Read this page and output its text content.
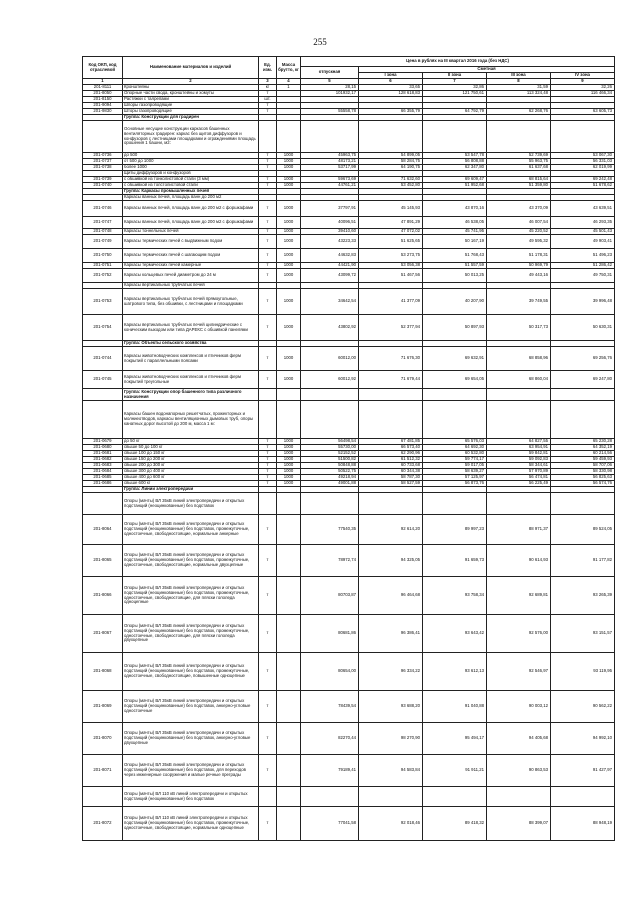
255
Код ОКП, код отраслевой	Наименование материалов и изделий	Ед. изм.	Масса брутто, кг	Цена в рублях на III квартал 2016 года (без НДС)				
				отпускная	Сметная			
					I зона	II зона	III зона	IV зона
1	2	3	4	5	6	7	8	9
201-8111	Кронштейны	кг	1	28,15	33,65	32,86	31,59	32,26
201-8050	Опорные части свода, кронштейны и хомуты	т		101932,17	128 618,83	121 750,61	113 324,48	116 466,34
201-8150	Растяжки с талрепами	шт.						
201-9094	Шпоры газопроводящие	т						
201-9830	Шторы газопроводящие	т		55558,78	66 355,79	64 792,79	62 268,76	63 605,73
	Группа: Конструкции для градирен							
	Основные несущие конструкции каркасов башенных вентиляторных градирен: каркас без щитов диффузоров и конфузоров с лестницами площадками и ограждениями площадь орошения 1 башни, м2:							
201-0736	до 500	т	1000	45963,75	54 899,05	53 547,78	52 739,69	53 067,30
201-0737	от 500 до 1000	т	1000	48173,21	58 284,75	56 808,88	55 963,75	56 331,03
201-0738	более 1000	т	1000	53717,99	64 190,75	62 347,80	61 637,68	62 019,99
	Щиты диффузоров и конфузоров							
201-0739	с обшивкой из тонколистовой стали (3 мм)	т	1000	59673,69	71 632,60	69 609,47	68 815,64	69 242,48
201-0740	с обшивкой из толстолистовой стали	т	1000	44761,21	53 452,80	51 952,68	51 359,80	51 678,62
	Группа: Каркасы промышленных печей							
	Каркасы ванных печей, площадь ванн до 200 м2							
201-0746	Каркасы ванных печей, площадь ванн до 200 м2 с форшкафами	т	1000	37797,91	45 145,93	43 870,16	43 370,09	43 639,51
201-0747	Каркасы ванных печей, площадь ванн до 200 м2 с форшкафами	т	1000	40096,51	47 891,29	46 538,05	46 007,54	46 293,35
201-0748	Каркасы тоннельных печей	т	1000	39410,60	47 072,02	45 741,95	45 220,52	45 501,43
201-0749	Каркасы термических печей с выдвижным подом	т	1000	43223,33	51 625,65	50 167,19	49 595,32	49 903,41
201-0750	Каркасы термических печей с шагающим подом	т	1000	44632,83	53 273,75	51 768,43	51 178,31	51 496,23
201-0751	Каркасы термических печей камерные	т	1000	44421,90	53 056,38	51 557,59	50 969,79	51 286,42
201-0752	Каркасы кольцевых печей диаметром до 24 м	т	1000	43099,72	51 467,56	50 013,25	49 443,16	49 750,31
	Каркасы вертикальных трубчатых печей							
201-0753	Каркасы вертикальных трубчатых печей прямоугольные, шатрового типа, без обшивки, с лестницами и площадками	т	1000	34642,54	41 377,09	40 207,90	39 749,55	39 996,48
201-0754	Каркасы вертикальных трубчатых печей цилиндрические с коническим выходом или типа ДАРЕКС с обшивкой панелями	т	1000	43802,92	52 377,94	50 897,93	50 317,73	50 630,31
	Группа: Объекты сельского хозяйства							
201-0744	Каркасы животноводческих комплексов и птичников ферм покрытий с параллельными поясами	т	1000	60012,00	71 676,30	69 632,91	68 858,96	69 256,76
201-0745	Каркасы животноводческих комплексов и птичников ферм покрытий треугольные	т	1000	60012,92	71 679,44	69 654,05	68 860,04	69 247,80
	Группа: Конструкции опор башенного типа различного назначения							
	Каркасы башен водонапорных решетчатых, прожекторных и молниеотводов, каркасы вентиляционных дымовых труб, опоры канатных дорог высотой до 200 м, масса 1 м:							
201-0679	до 50 кг	т	1000	56498,54	67 481,85	65 576,03	64 827,55	65 230,28
201-0680	свыше 50 до 100 кг	т	1000	55730,00	66 573,40	64 692,30	63 954,91	64 352,19
201-0681	свыше 100 до 150 кг	т	1000	52152,52	62 290,96	60 532,80	59 842,81	60 214,56
201-0682	свыше 150 до 200 кг	т	1000	51500,82	61 512,32	59 774,17	59 092,83	59 459,93
201-0683	свыше 200 до 300 кг	т	1000	50848,88	60 733,68	59 017,05	58 344,61	58 707,06
201-0684	свыше 300 до 400 кг	т	1000	50522,75	60 344,38	58 639,27	57 970,89	58 330,98
201-0685	свыше 400 до 600 кг	т	1000	49218,94	58 787,30	57 125,97	56 474,81	56 825,63
201-0686	свыше 600 кг	т	1000	49001,88	58 527,59	56 873,76	56 225,49	56 574,76
	Группа: Линии электропередачи							
	Опоры (мачты) ВЛ 35кВ линий электропередачи и открытых подстанций (неоцинкованные) без подставок							
201-8064	Опоры (мачты) ВЛ 35кВ линий электропередачи и открытых подстанций (неоцинкованные) без подставок, промежуточные, одностоечные, свободностоящие, нормальные анкерные	т		77540,35	92 614,20	89 997,23	88 971,37	89 524,05
201-8065	Опоры (мачты) ВЛ 35кВ линий электропередачи и открытых подстанций (неоцинкованные) без подставок, промежуточные, одностоечные, свободностоящие, нормальные двухцепные	т		78972,74	94 325,05	91 659,73	90 614,93	91 177,82
201-8066	Опоры (мачты) ВЛ 35кВ линий электропередачи и открытых подстанций (неоцинкованные) без подставок, промежуточные, одностоечные, свободностоящие, для пляски гололеда одноцепные	т		80703,87	96 464,68	93 758,34	92 689,81	93 265,39
201-8067	Опоры (мачты) ВЛ 35кВ линий электропередачи и открытых подстанций (неоцинкованные) без подставок, промежуточные, одностоечные, свободностоящие, для пляски гололеда двухцепные	т		80681,86	96 386,41	93 643,42	92 576,00	93 151,57
201-8068	Опоры (мачты) ВЛ 35кВ линий электропередачи и открытых подстанций (неоцинкованные) без подставок, промежуточные, одностоечные, свободностоящие, повышенные одноцепные	т		80654,00	96 334,22	93 612,13	92 546,97	93 119,95
201-8069	Опоры (мачты) ВЛ 35кВ линий электропередачи и открытых подстанций (неоцинкованные) без подставок, анкерно-угловые одностоечные	т		78439,54	93 688,20	91 040,88	90 003,12	90 562,22
201-8070	Опоры (мачты) ВЛ 35кВ линий электропередачи и открытых подстанций (неоцинкованные) без подставок, анкерно-угловые двухцепные	т		82270,44	98 270,90	95 494,17	94 405,68	94 992,10
201-8071	Опоры (мачты) ВЛ 35кВ линий электропередачи и открытых подстанций (неоцинкованные) без подставок, для переходов через инженерные сооружения и малые речные преграды	т		79189,41	94 583,84	91 911,21	90 863,53	91 427,97
	Опоры (мачты) ВЛ 110 кВ линий электропередачи и открытых подстанций (неоцинкованные) без подставок							
201-8072	Опоры (мачты) ВЛ 110 кВ линий электропередачи и открытых подстанций (неоцинкованные) без подставок, промежуточные, одностоечные, свободностоящие, нормальные одноцепные	т		77041,58	92 018,46	89 418,32	88 399,07	88 948,19
